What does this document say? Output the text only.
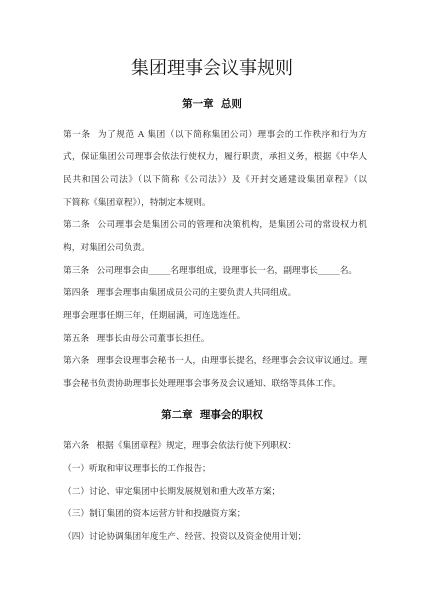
集团理事会议事规则
第一章  总则
第一条 为了规范 A 集团（以下简称集团公司）理事会的工作秩序和行为方
式，保证集团公司理事会依法行使权力，履行职责，承担义务，根据《中华人
民共和国公司法》（以下简称《公司法》）及《开封交通建设集团章程》（以
下简称《集团章程》），特制定本规则。
第二条 公司理事会是集团公司的管理和决策机构，是集团公司的常设权力机
构，对集团公司负责。
第三条 公司理事会由_____名理事组成，设理事长一名，副理事长_____名。
第四条 理事会理事由集团成员公司的主要负责人共同组成。
理事会理事任期三年，任期届满，可连选连任。
第五条 理事长由母公司董事长担任。
第六条 理事会设理事会秘书一人，由理事长提名，经理事会会议审议通过。理
事会秘书负责协助理事长处理理事会事务及会议通知、联络等具体工作。
第二章  理事会的职权
第六条 根据《集团章程》规定，理事会依法行使下列职权：
（一）听取和审议理事长的工作报告；
（二）讨论、审定集团中长期发展规划和重大改革方案；
（三）制订集团的资本运营方针和投融资方案；
（四）讨论协调集团年度生产、经营、投资以及资金使用计划；
